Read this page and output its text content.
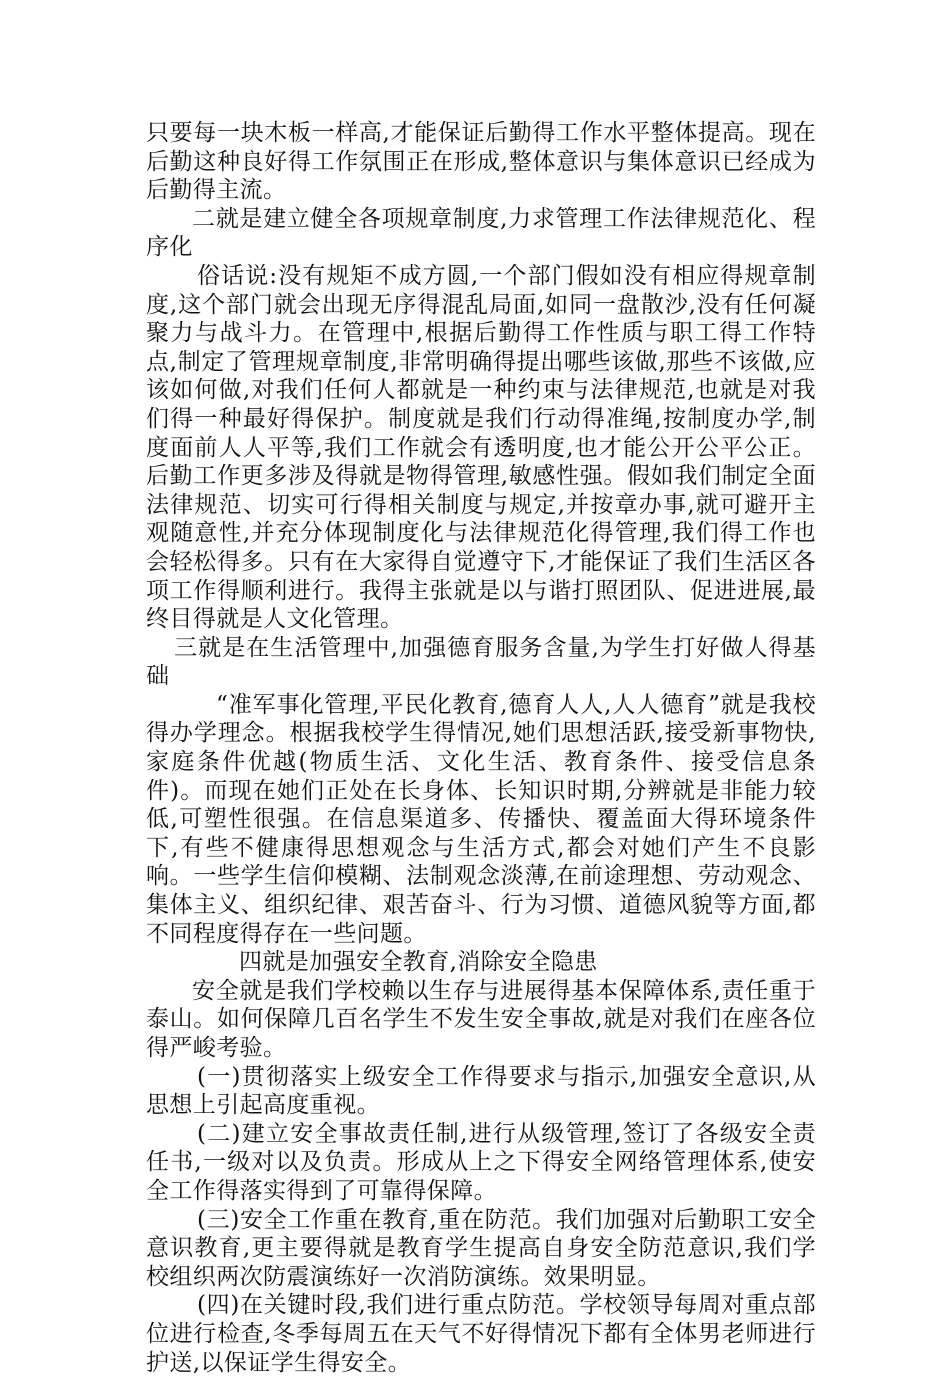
只要每一块木板一样高,才能保证后勤得工作水平整体提高。现在后勤这种良好得工作氛围正在形成,整体意识与集体意识已经成为后勤得主流。

二就是建立健全各项规章制度,力求管理工作法律规范化、程序化

俗话说:没有规矩不成方圆,一个部门假如没有相应得规章制度,这个部门就会出现无序得混乱局面,如同一盘散沙,没有任何凝聚力与战斗力。在管理中,根据后勤得工作性质与职工得工作特点,制定了管理规章制度,非常明确得提出哪些该做,那些不该做,应该如何做,对我们任何人都就是一种约束与法律规范,也就是对我们得一种最好得保护。制度就是我们行动得准绳,按制度办学,制度面前人人平等,我们工作就会有透明度,也才能公开公平公正。后勤工作更多涉及得就是物得管理,敏感性强。假如我们制定全面法律规范、切实可行得相关制度与规定,并按章办事,就可避开主观随意性,并充分体现制度化与法律规范化得管理,我们得工作也会轻松得多。只有在大家得自觉遵守下,才能保证了我们生活区各项工作得顺利进行。我得主张就是以与谐打照团队、促进进展,最终目得就是人文化管理。

三就是在生活管理中,加强德育服务含量,为学生打好做人得基础

“准军事化管理,平民化教育,德育人人,人人德育”就是我校得办学理念。根据我校学生得情况,她们思想活跃,接受新事物快,家庭条件优越(物质生活、文化生活、教育条件、接受信息条件)。而现在她们正处在长身体、长知识时期,分辨就是非能力较低,可塑性很强。在信息渠道多、传播快、覆盖面大得环境条件下,有些不健康得思想观念与生活方式,都会对她们产生不良影响。一些学生信仰模糊、法制观念淡薄,在前途理想、劳动观念、集体主义、组织纪律、艰苦奋斗、行为习惯、道德风貌等方面,都不同程度得存在一些问题。

四就是加强安全教育,消除安全隐患

安全就是我们学校赖以生存与进展得基本保障体系,责任重于泰山。如何保障几百名学生不发生安全事故,就是对我们在座各位得严峻考验。

(一)贯彻落实上级安全工作得要求与指示,加强安全意识,从思想上引起高度重视。

(二)建立安全事故责任制,进行从级管理,签订了各级安全责任书,一级对以及负责。形成从上之下得安全网络管理体系,使安全工作得落实得到了可靠得保障。

(三)安全工作重在教育,重在防范。我们加强对后勤职工安全意识教育,更主要得就是教育学生提高自身安全防范意识,我们学校组织两次防震演练好一次消防演练。效果明显。

(四)在关键时段,我们进行重点防范。学校领导每周对重点部位进行检查,冬季每周五在天气不好得情况下都有全体男老师进行护送,以保证学生得安全。
